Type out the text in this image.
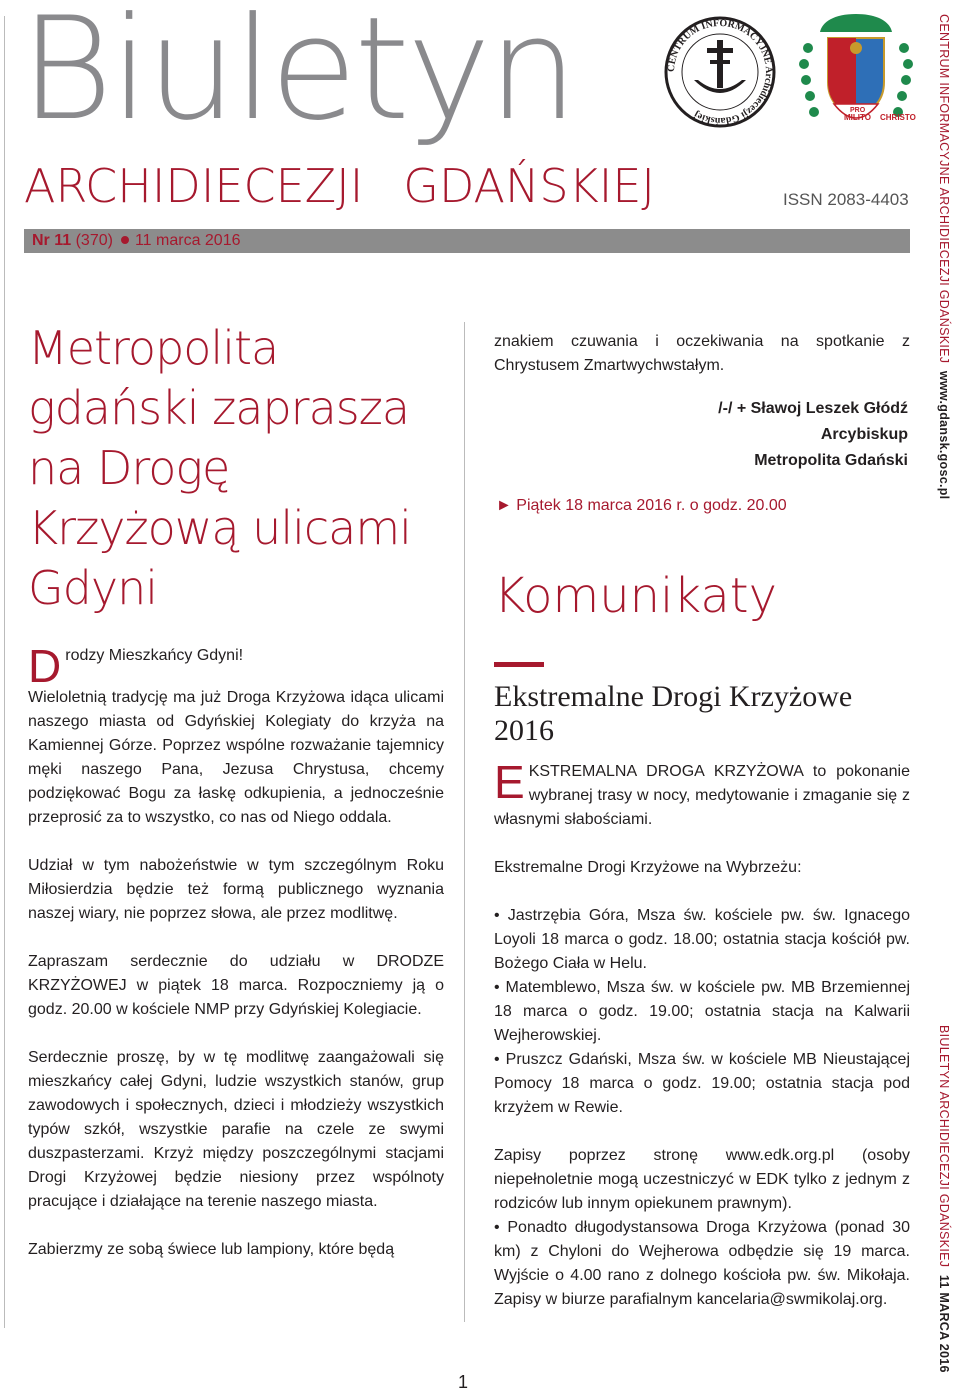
Biuletyn
ARCHIDIECEZJI GDAŃSKIEJ
CENTRUM INFORMACYJNE Archidiecezji Gdańskiej	MILITO
PRO
CHRISTO
ISSN 2083-4403
Nr 11 (370) 11 marca 2016	CENTRUM INFORMACYJNE ARCHIDIECEZJI GDAŃSKIEJ  www.gdansk.gosc.pl
BIULETYN ARCHIDIECEZJI GDAŃSKIEJ  11 MARCA 2016
Metropolita gdański zaprasza na Drogę Krzyżową ulicami Gdyni

Drodzy Mieszkańcy Gdyni!

Wieloletnią tradycję ma już Droga Krzyżowa idąca ulicami naszego miasta od Gdyńskiej Kolegiaty do krzyża na Kamiennej Górze. Poprzez wspólne rozważanie tajemnicy męki naszego Pana, Jezusa Chrystusa, chcemy podziękować Bogu za łaskę odkupienia, a jednocześnie przeprosić za to wszystko, co nas od Niego oddala.

Udział w tym nabożeństwie w tym szczególnym Roku Miłosierdzia będzie też formą publicznego wyznania naszej wiary, nie poprzez słowa, ale przez modlitwę.

Zapraszam serdecznie do udziału w DRODZE KRZYŻOWEJ w piątek 18 marca. Rozpoczniemy ją o godz. 20.00 w kościele NMP przy Gdyńskiej Kolegiacie.

Serdecznie proszę, by w tę modlitwę zaangażowali się mieszkańcy całej Gdyni, ludzie wszystkich stanów, grup zawodowych i społecznych, dzieci i młodzieży wszystkich typów szkół, wszystkie parafie na czele ze swymi duszpasterzami. Krzyż między poszczególnymi stacjami Drogi Krzyżowej będzie niesiony przez wspólnoty pracujące i działające na terenie naszego miasta.

Zabierzmy ze sobą świece lub lampiony, które będą

znakiem czuwania i oczekiwania na spotkanie z Chrystusem Zmartwychwstałym.

/-/ + Sławoj Leszek Głódź
Arcybiskup
Metropolita Gdański
► Piątek 18 marca 2016 r. o godz. 20.00
Komunikaty
Ekstremalne Drogi Krzyżowe 2016

EKSTREMALNA DROGA KRZYŻOWA to pokonanie wybranej trasy w nocy, medytowanie i zmaganie się z własnymi słabościami.

Ekstremalne Drogi Krzyżowe na Wybrzeżu:

• Jastrzębia Góra, Msza św. kościele pw. św. Ignacego Loyoli 18 marca o godz. 18.00; ostatnia stacja kościół pw. Bożego Ciała w Helu.

• Matemblewo, Msza św. w kościele pw. MB Brzemiennej 18 marca o godz. 19.00; ostatnia stacja na Kalwarii Wejherowskiej.

• Pruszcz Gdański, Msza św. w kościele MB Nieustającej Pomocy 18 marca o godz. 19.00; ostatnia stacja pod krzyżem w Rewie.

Zapisy poprzez stronę www.edk.org.pl (osoby niepełnoletnie mogą uczestniczyć w EDK tylko z jednym z rodziców lub innym opiekunem prawnym).

• Ponadto długodystansowa Droga Krzyżowa (ponad 30 km) z Chyloni do Wejherowa odbędzie się 19 marca. Wyjście o 4.00 rano z dolnego kościoła pw. św. Mikołaja. Zapisy w biurze parafialnym kancelaria@swmikolaj.org.

1
